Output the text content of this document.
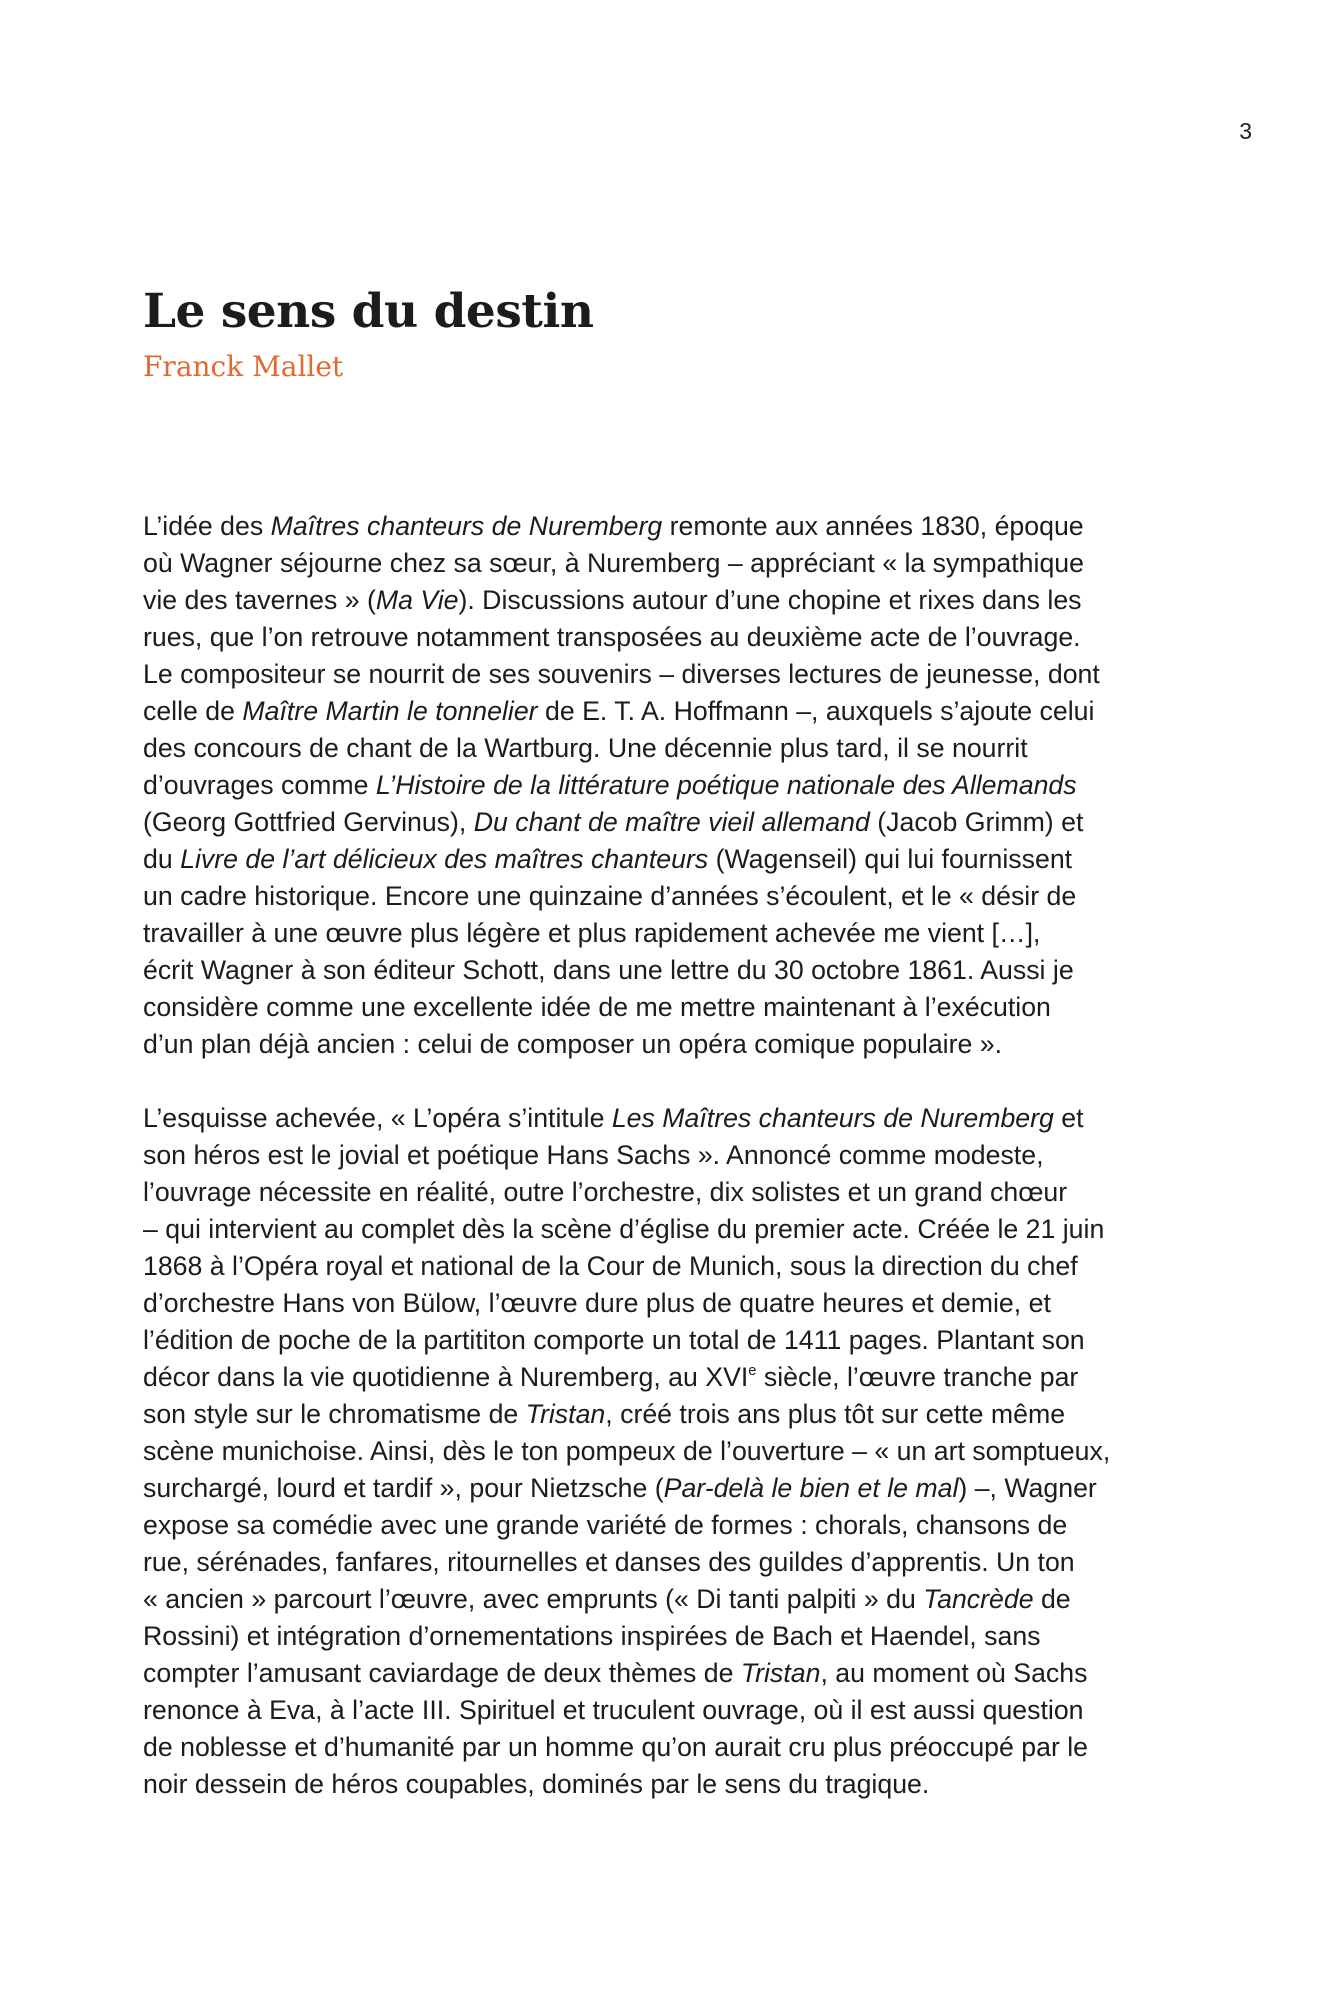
3
Le sens du destin
Franck Mallet

L’idée des Maîtres chanteurs de Nuremberg remonte aux années 1830, époque
où Wagner séjourne chez sa sœur, à Nuremberg – appréciant « la sympathique
vie des tavernes » (Ma Vie). Discussions autour d’une chopine et rixes dans les
rues, que l’on retrouve notamment transposées au deuxième acte de l’ouvrage.
Le compositeur se nourrit de ses souvenirs – diverses lectures de jeunesse, dont
celle de Maître Martin le tonnelier de E. T. A. Hoffmann –, auxquels s’ajoute celui
des concours de chant de la Wartburg. Une décennie plus tard, il se nourrit
d’ouvrages comme L’Histoire de la littérature poétique nationale des Allemands
(Georg Gottfried Gervinus), Du chant de maître vieil allemand (Jacob Grimm) et
du Livre de l’art délicieux des maîtres chanteurs (Wagenseil) qui lui fournissent
un cadre historique. Encore une quinzaine d’années s’écoulent, et le « désir de
travailler à une œuvre plus légère et plus rapidement achevée me vient […],
écrit Wagner à son éditeur Schott, dans une lettre du 30 octobre 1861. Aussi je
considère comme une excellente idée de me mettre maintenant à l’exécution
d’un plan déjà ancien : celui de composer un opéra comique populaire ».

L’esquisse achevée, « L’opéra s’intitule Les Maîtres chanteurs de Nuremberg et
son héros est le jovial et poétique Hans Sachs ». Annoncé comme modeste,
l’ouvrage nécessite en réalité, outre l’orchestre, dix solistes et un grand chœur
– qui intervient au complet dès la scène d’église du premier acte. Créée le 21 juin
1868 à l’Opéra royal et national de la Cour de Munich, sous la direction du chef
d’orchestre Hans von Bülow, l’œuvre dure plus de quatre heures et demie, et
l’édition de poche de la partititon comporte un total de 1411 pages. Plantant son
décor dans la vie quotidienne à Nuremberg, au XVIe siècle, l’œuvre tranche par
son style sur le chromatisme de Tristan, créé trois ans plus tôt sur cette même
scène munichoise. Ainsi, dès le ton pompeux de l’ouverture – « un art somptueux,
surchargé, lourd et tardif », pour Nietzsche (Par-delà le bien et le mal) –, Wagner
expose sa comédie avec une grande variété de formes : chorals, chansons de
rue, sérénades, fanfares, ritournelles et danses des guildes d’apprentis. Un ton
« ancien » parcourt l’œuvre, avec emprunts (« Di tanti palpiti » du Tancrède de
Rossini) et intégration d’ornementations inspirées de Bach et Haendel, sans
compter l’amusant caviardage de deux thèmes de Tristan, au moment où Sachs
renonce à Eva, à l’acte III. Spirituel et truculent ouvrage, où il est aussi question
de noblesse et d’humanité par un homme qu’on aurait cru plus préoccupé par le
noir dessein de héros coupables, dominés par le sens du tragique.
